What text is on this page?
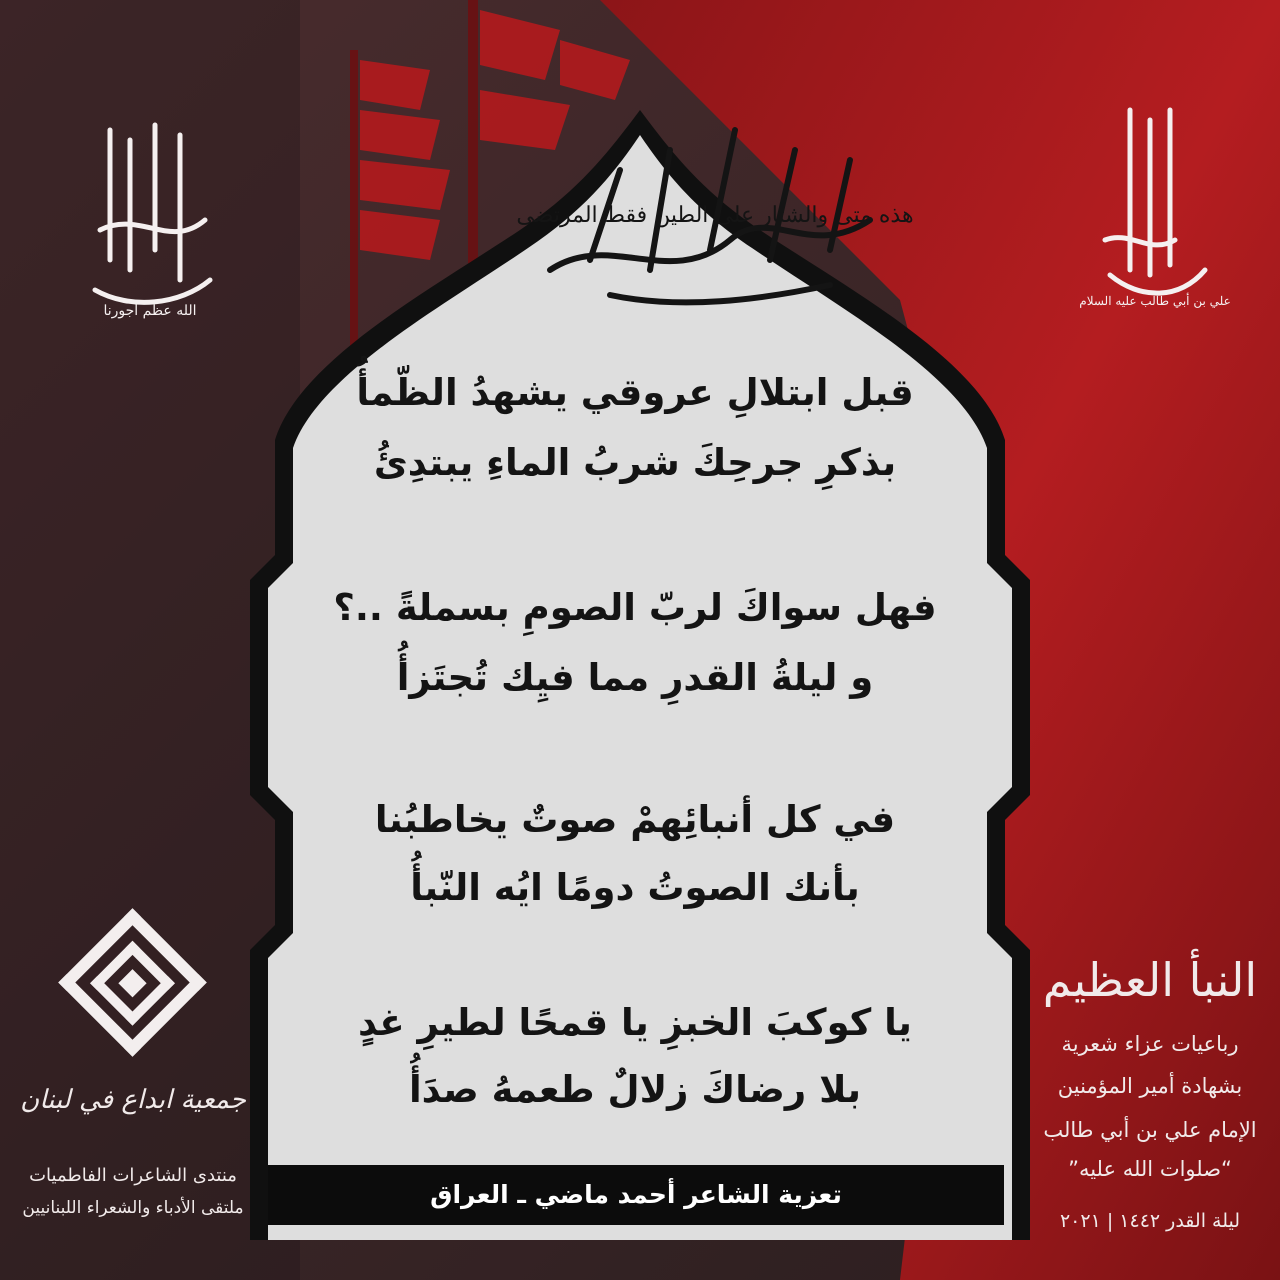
هذه متى والشتار على الطين فقط المرتضى
الله عظم أجورنا
علي بن أبي طالب عليه السلام

قبل ابتلالِ عروقي يشهدُ الظّمأُ

بذكرِ جرحِكَ شربُ الماءِ يبتدِئُ

فهل سواكَ لربّ الصومِ بسملةً ..؟

و ليلةُ القدرِ مما فيِك تُجتَزأُ

في كل أنبائِهمْ صوتٌ يخاطبُنا

بأنك الصوتُ دومًا ايُه النّبأُ

يا كوكبَ الخبزِ يا قمحًا لطيرِ غدٍ

بلا رضاكَ زلالٌ طعمهُ صدَأُ

تعزية الشاعر أحمد ماضي ـ العراق
جمعية ابداع في لبنان
منتدى الشاعرات الفاطميات
ملتقى الأدباء والشعراء اللبنانيين
النبأ العظيم
رباعيات عزاء شعرية
بشهادة أمير المؤمنين
الإمام علي بن أبي طالب
“صلوات الله عليه”
ليلة القدر ١٤٤٢ | ٢٠٢١
